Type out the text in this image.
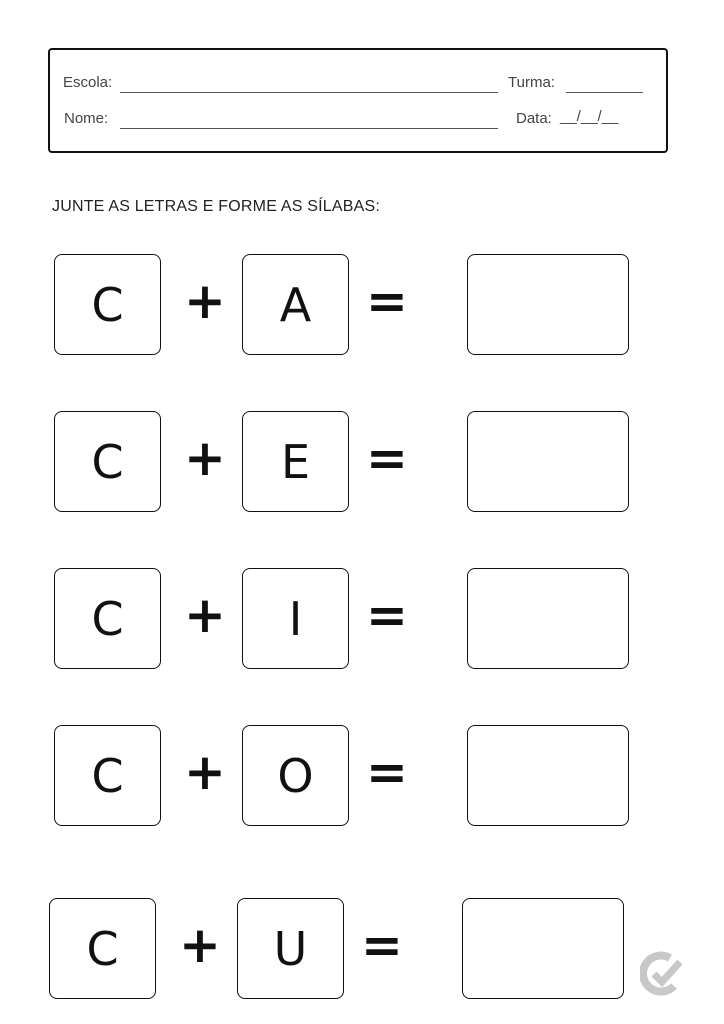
Escola:	Turma:
Nome:	Data: __/__/__
JUNTE AS LETRAS E FORME AS SÍLABAS:
C	+	A	=
C	+	E	=
C	+	I	=
C	+	O	=
C	+	U	=
